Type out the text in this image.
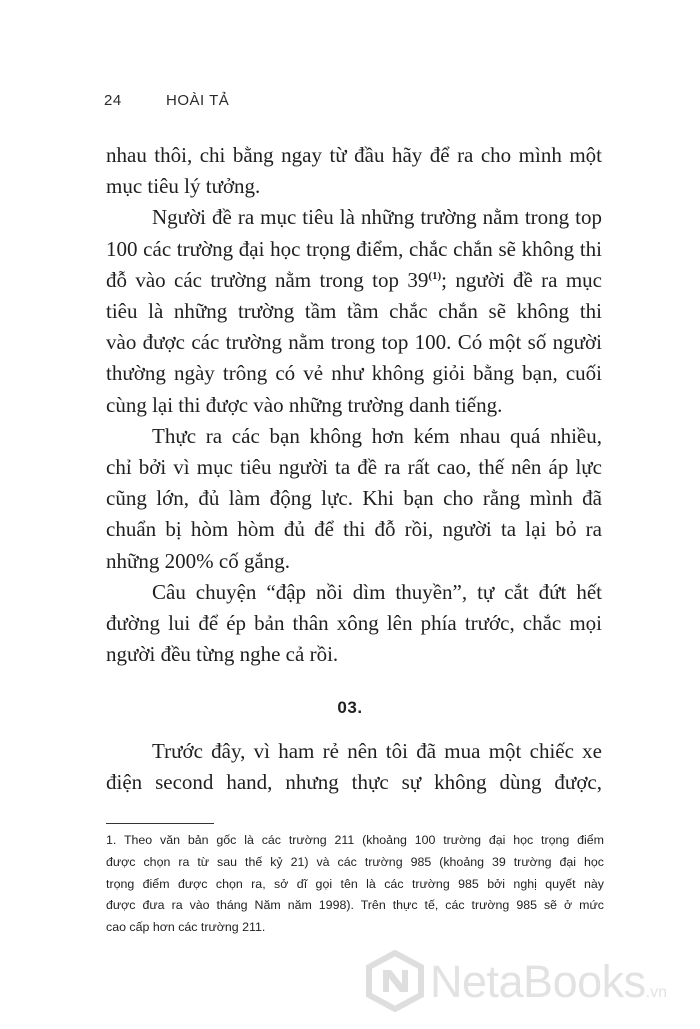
24	HOÀI TẢ
nhau thôi, chi bằng ngay từ đầu hãy để ra cho mình một
mục tiêu lý tưởng.
Người đề ra mục tiêu là những trường nằm trong top
100 các trường đại học trọng điểm, chắc chắn sẽ không thi
đỗ vào các trường nằm trong top 39$^{(1)}$; người đề ra mục
tiêu là những trường tầm tầm chắc chắn sẽ không thi
vào được các trường nằm trong top 100. Có một số người
thường ngày trông có vẻ như không giỏi bằng bạn, cuối
cùng lại thi được vào những trường danh tiếng.
Thực ra các bạn không hơn kém nhau quá nhiều,
chỉ bởi vì mục tiêu người ta đề ra rất cao, thế nên áp lực
cũng lớn, đủ làm động lực. Khi bạn cho rằng mình đã
chuẩn bị hòm hòm đủ để thi đỗ rồi, người ta lại bỏ ra
những 200% cố gắng.
Câu chuyện “đập nồi dìm thuyền”, tự cắt đứt hết
đường lui để ép bản thân xông lên phía trước, chắc mọi
người đều từng nghe cả rồi.
03.
Trước đây, vì ham rẻ nên tôi đã mua một chiếc xe
điện second hand, nhưng thực sự không dùng được,
1. Theo văn bản gốc là các trường 211 (khoảng 100 trường đại học trọng điểm
được chọn ra từ sau thế kỷ 21) và các trường 985 (khoảng 39 trường đại học
trọng điểm được chọn ra, sở dĩ gọi tên là các trường 985 bởi nghị quyết này
được đưa ra vào tháng Năm năm 1998). Trên thực tế, các trường 985 sẽ ở mức
cao cấp hơn các trường 211.
NetaBooks.vn
